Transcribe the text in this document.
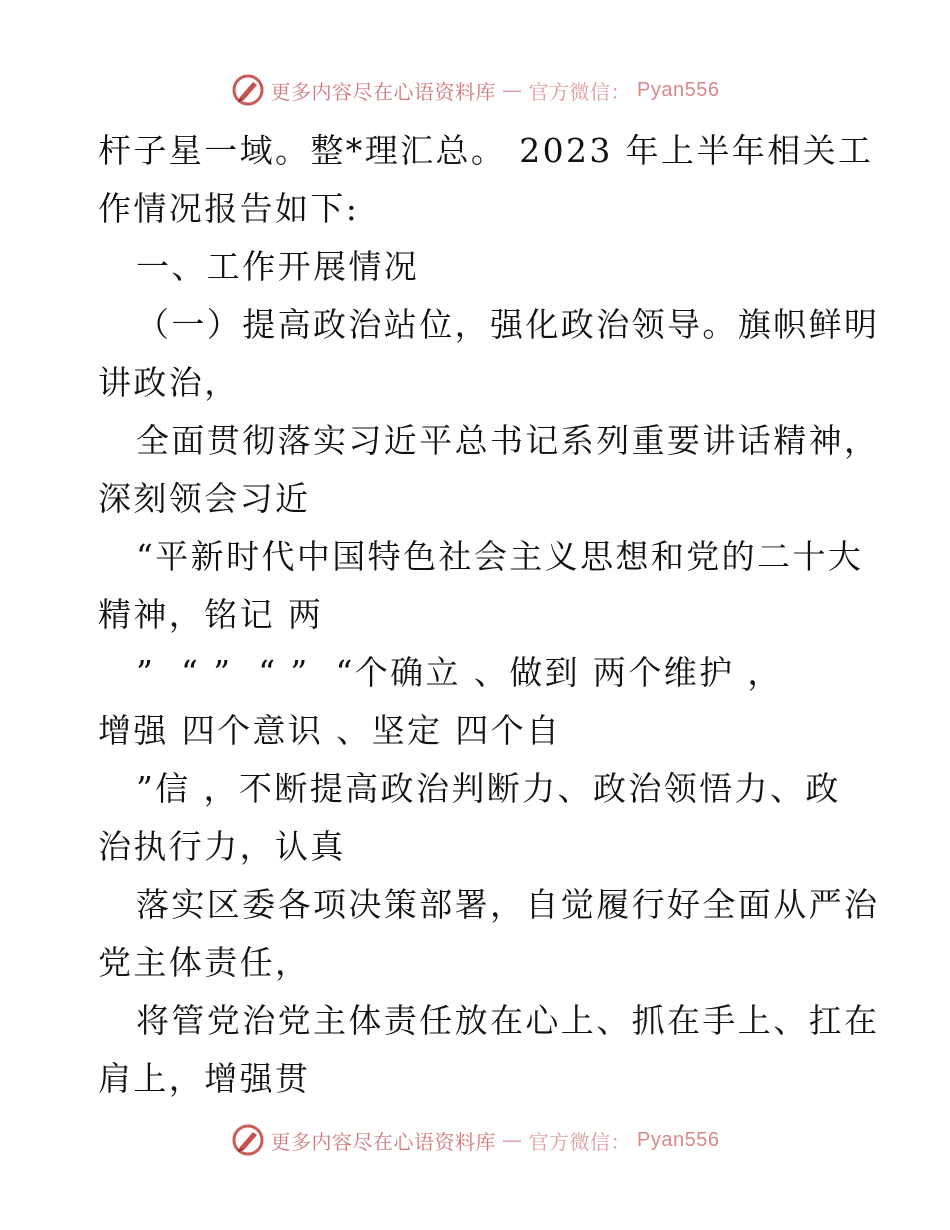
更多内容尽在心语资料库 — 官方微信： Pyan556
杆子星一域。整*理汇总。 2023 年上半年相关工
作情况报告如下:
一、工作开展情况
（一）提高政治站位，强化政治领导。旗帜鲜明
讲政治，
全面贯彻落实习近平总书记系列重要讲话精神，
深刻领会习近
“平新时代中国特色社会主义思想和党的二十大
精神，铭记 两
”  “ ”  “ ”  “个确立 、做到 两个维护 ，
增强 四个意识 、坚定 四个自
”信 ，不断提高政治判断力、政治领悟力、政
治执行力，认真
落实区委各项决策部署，自觉履行好全面从严治
党主体责任，
将管党治党主体责任放在心上、抓在手上、扛在
肩上，增强贯
更多内容尽在心语资料库 — 官方微信： Pyan556
